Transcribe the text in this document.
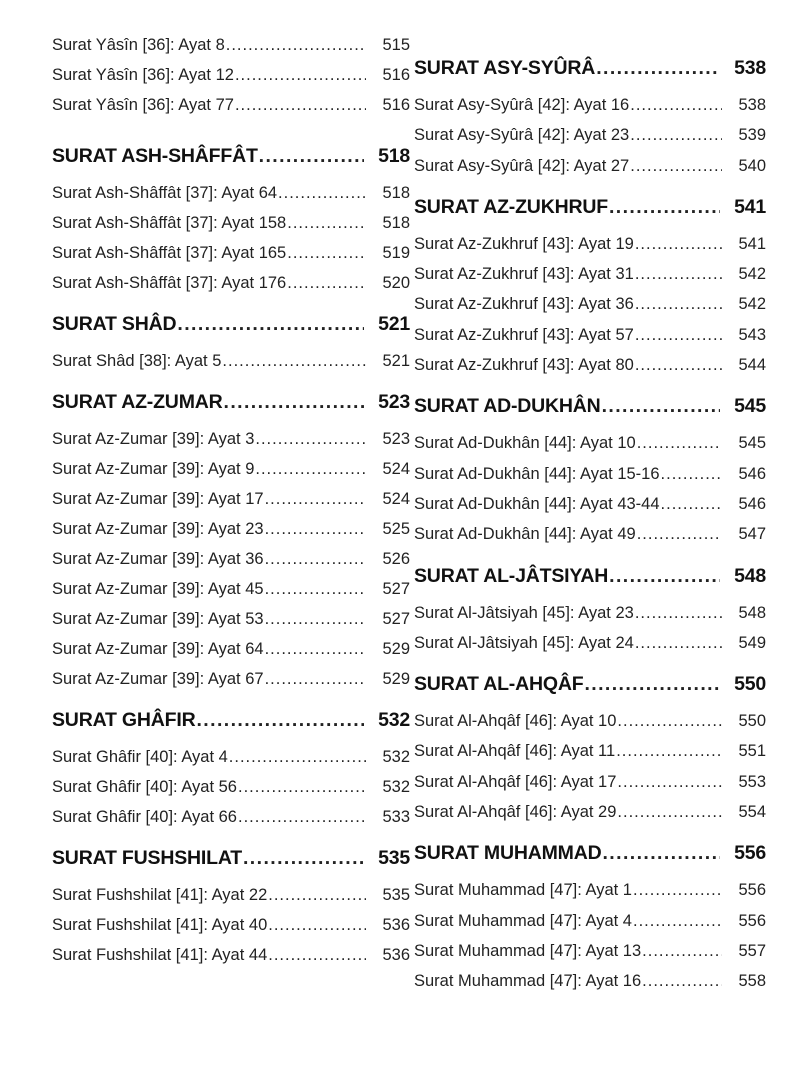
Surat Yâsîn [36]: Ayat 8 .....	515
Surat Yâsîn [36]: Ayat 12 .....	516
Surat Yâsîn [36]: Ayat 77 .....	516
SURAT ASH-SHÂFFÂT .....	518
Surat Ash-Shâffât [37]: Ayat 64 .....	518
Surat Ash-Shâffât [37]: Ayat 158 .....	518
Surat Ash-Shâffât [37]: Ayat 165 .....	519
Surat Ash-Shâffât [37]: Ayat 176 .....	520
SURAT SHÂD .....	521
Surat Shâd [38]: Ayat 5 .....	521
SURAT AZ-ZUMAR .....	523
Surat Az-Zumar [39]: Ayat 3 .....	523
Surat Az-Zumar [39]: Ayat 9 .....	524
Surat Az-Zumar [39]: Ayat 17 .....	524
Surat Az-Zumar [39]: Ayat 23 .....	525
Surat Az-Zumar [39]: Ayat 36 .....	526
Surat Az-Zumar [39]: Ayat 45 .....	527
Surat Az-Zumar [39]: Ayat 53 .....	527
Surat Az-Zumar [39]: Ayat 64 .....	529
Surat Az-Zumar [39]: Ayat 67 .....	529
SURAT GHÂFIR .....	532
Surat Ghâfir [40]: Ayat 4 .....	532
Surat Ghâfir [40]: Ayat 56 .....	532
Surat Ghâfir [40]: Ayat 66 .....	533
SURAT FUSHSHILAT .....	535
Surat Fushshilat [41]: Ayat 22 .....	535
Surat Fushshilat [41]: Ayat 40 .....	536
Surat Fushshilat [41]: Ayat 44 .....	536
SURAT ASY-SYÛRÂ .....	538
Surat Asy-Syûrâ [42]: Ayat 16 .....	538
Surat Asy-Syûrâ [42]: Ayat 23 .....	539
Surat Asy-Syûrâ [42]: Ayat 27 .....	540
SURAT AZ-ZUKHRUF .....	541
Surat Az-Zukhruf [43]: Ayat 19 .....	541
Surat Az-Zukhruf [43]: Ayat 31 .....	542
Surat Az-Zukhruf [43]: Ayat 36 .....	542
Surat Az-Zukhruf [43]: Ayat 57 .....	543
Surat Az-Zukhruf [43]: Ayat 80 .....	544
SURAT AD-DUKHÂN .....	545
Surat Ad-Dukhân [44]: Ayat 10 .....	545
Surat Ad-Dukhân [44]: Ayat 15-16 .....	546
Surat Ad-Dukhân [44]: Ayat 43-44 .....	546
Surat Ad-Dukhân [44]: Ayat 49 .....	547
SURAT AL-JÂTSIYAH .....	548
Surat Al-Jâtsiyah [45]: Ayat 23 .....	548
Surat Al-Jâtsiyah [45]: Ayat 24 .....	549
SURAT AL-AHQÂF .....	550
Surat Al-Ahqâf [46]: Ayat 10 .....	550
Surat Al-Ahqâf [46]: Ayat 11 .....	551
Surat Al-Ahqâf [46]: Ayat 17 .....	553
Surat Al-Ahqâf [46]: Ayat 29 .....	554
SURAT MUHAMMAD .....	556
Surat Muhammad [47]: Ayat 1 .....	556
Surat Muhammad [47]: Ayat 4 .....	556
Surat Muhammad [47]: Ayat 13 .....	557
Surat Muhammad [47]: Ayat 16 .....	558
